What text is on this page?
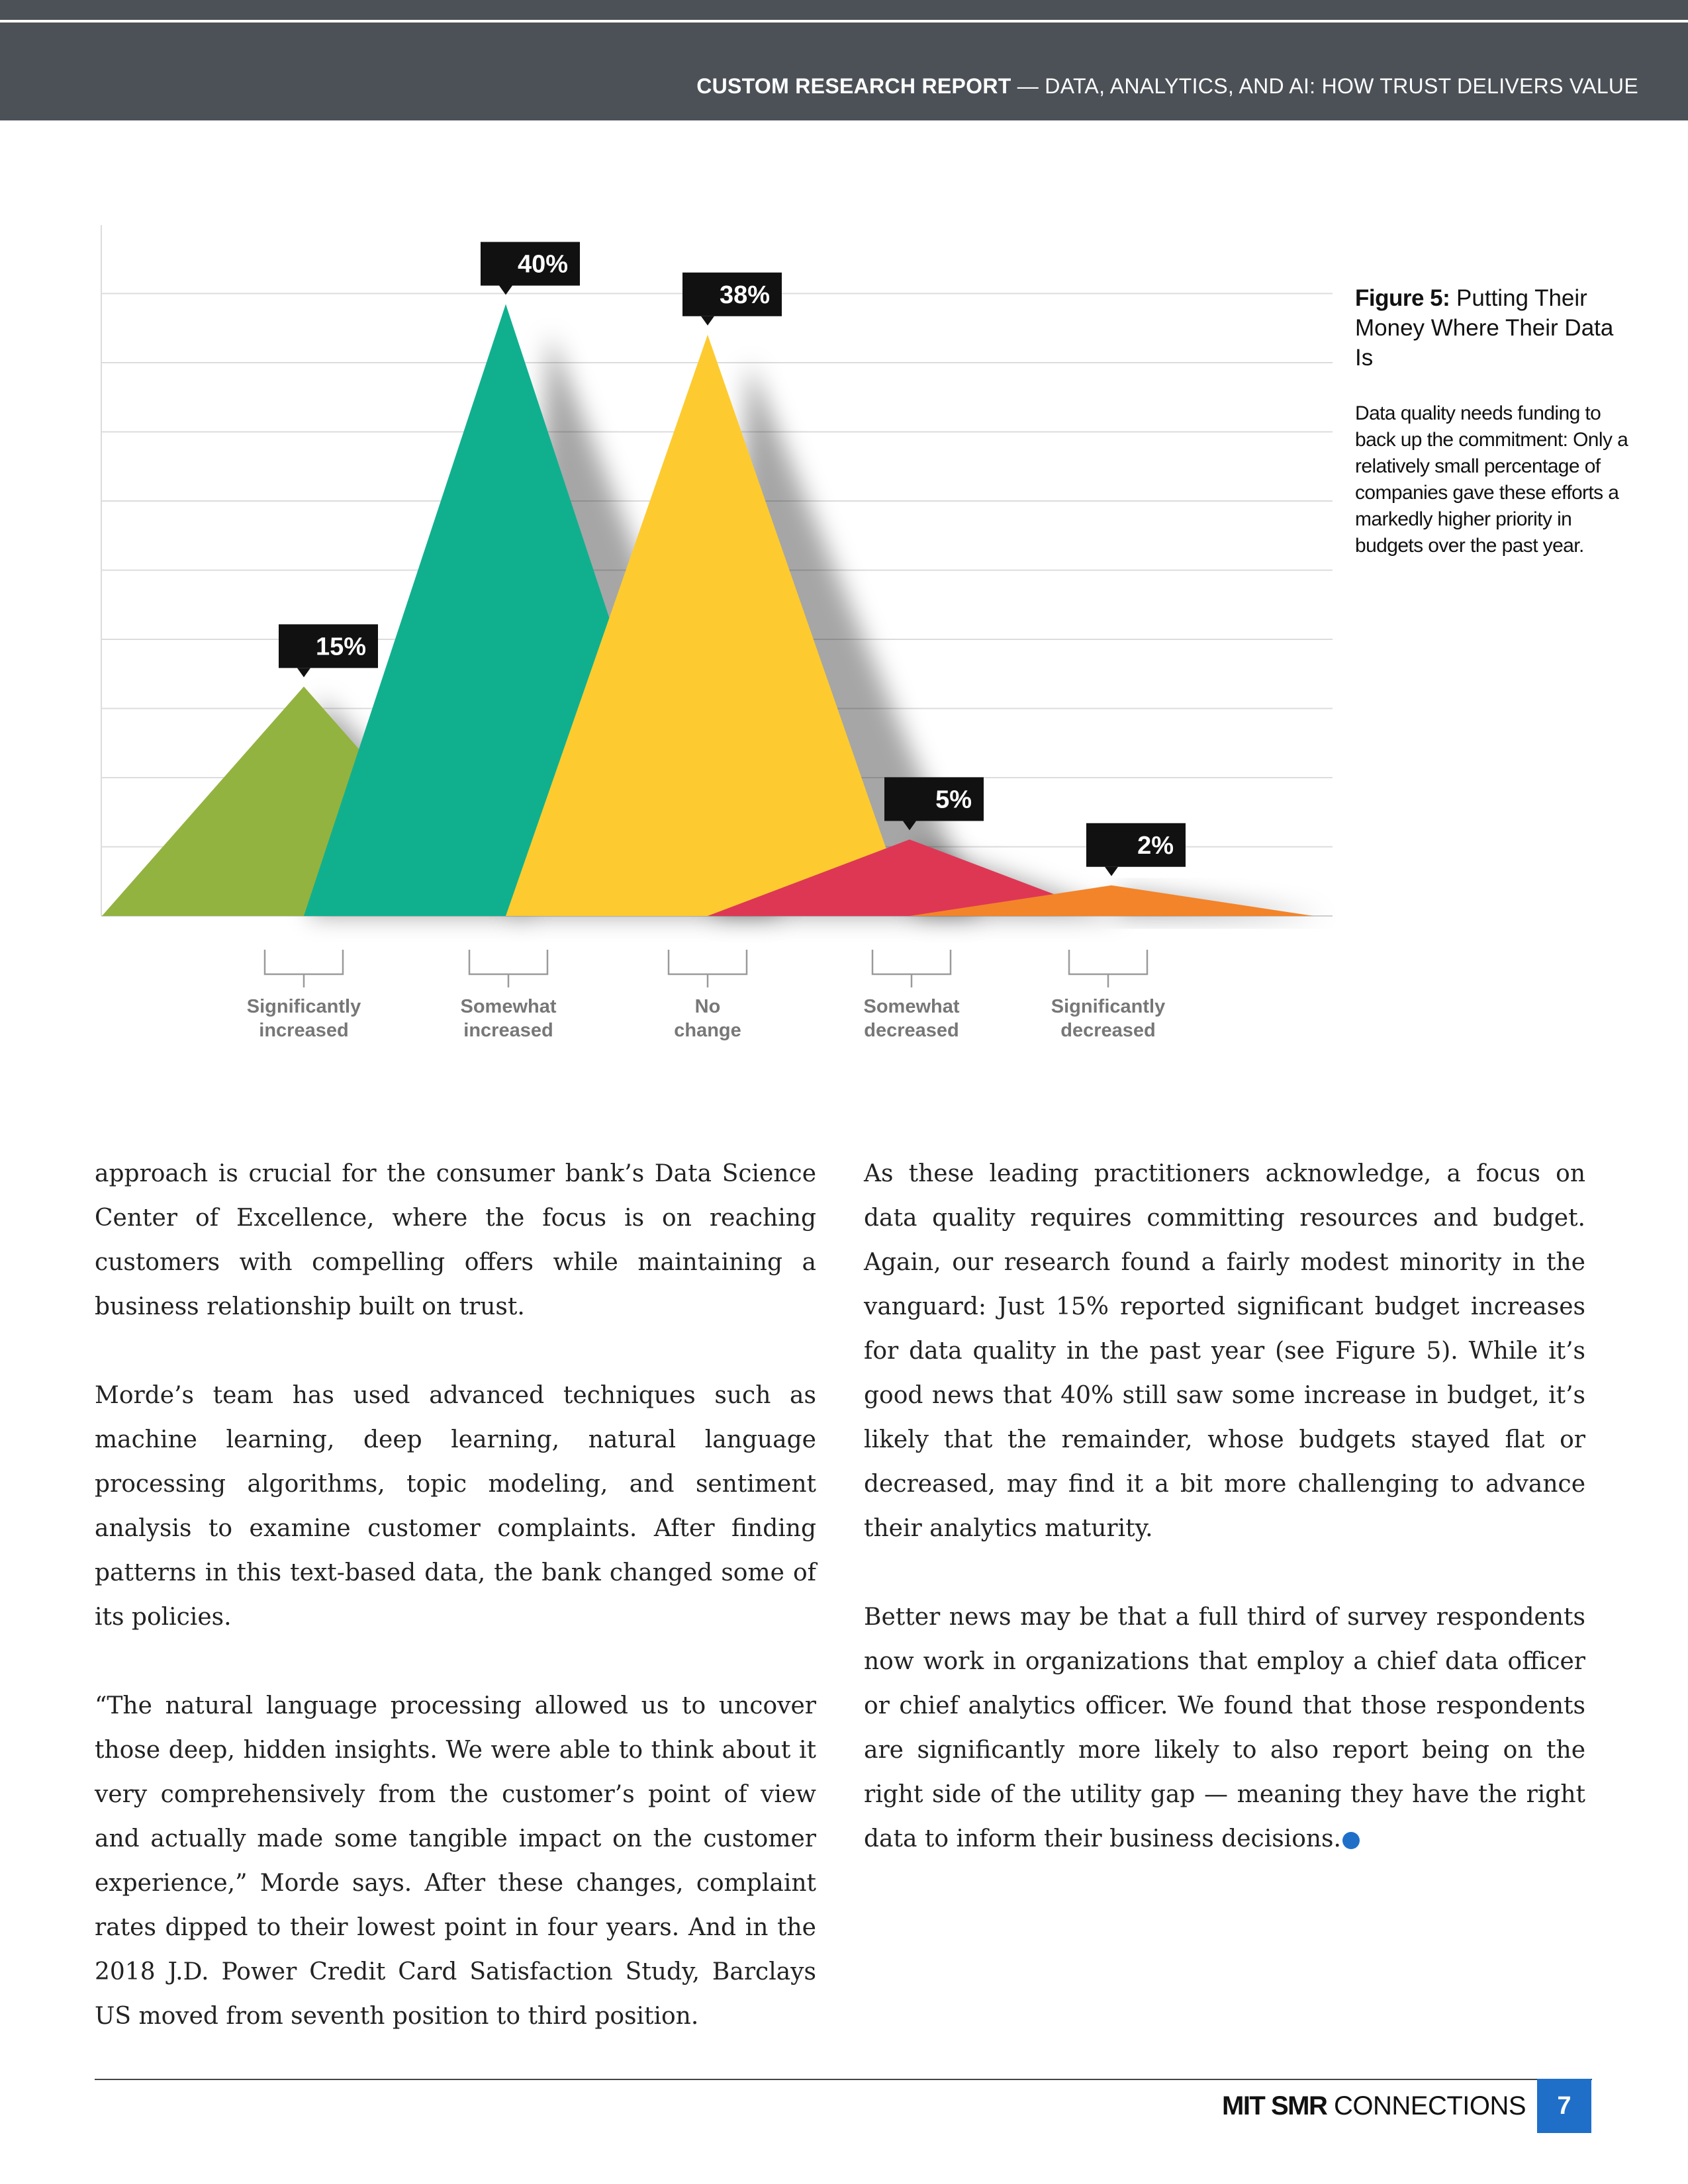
CUSTOM RESEARCH REPORT — DATA, ANALYTICS, AND AI: HOW TRUST DELIVERS VALUE
15%
40%
38%
5%
2%
Significantly
increased
Somewhat
increased
No
change
Somewhat
decreased
Significantly
decreased
Figure 5: Putting Their Money Where Their Data Is
Data quality needs funding to back up the commitment: Only a relatively small percentage of companies gave these efforts a markedly higher priority in budgets over the past year.

approach is crucial for the consumer bank’s Data Science Center of Excellence, where the focus is on reaching customers with compelling offers while maintaining a business relationship built on trust.

Morde’s team has used advanced techniques such as machine learning, deep learning, natural language processing algorithms, topic modeling, and sentiment analysis to examine customer complaints. After finding patterns in this text-based data, the bank changed some of its policies.

“The natural language processing allowed us to uncover those deep, hidden insights. We were able to think about it very comprehensively from the customer’s point of view and actually made some tangible impact on the customer experience,” Morde says. After these changes, complaint rates dipped to their lowest point in four years. And in the 2018 J.D. Power Credit Card Satisfaction Study, Barclays US moved from seventh position to third position.

As these leading practitioners acknowledge, a focus on data quality requires committing resources and budget. Again, our research found a fairly modest minority in the vanguard: Just 15% reported significant budget increases for data quality in the past year (see Figure 5). While it’s good news that 40% still saw some increase in budget, it’s likely that the remainder, whose budgets stayed flat or decreased, may find it a bit more challenging to advance their analytics maturity.

Better news may be that a full third of survey respondents now work in organizations that employ a chief data officer or chief analytics officer. We found that those respondents are significantly more likely to also report being on the right side of the utility gap — meaning they have the right data to inform their business decisions.

MIT SMR CONNECTIONS	7
